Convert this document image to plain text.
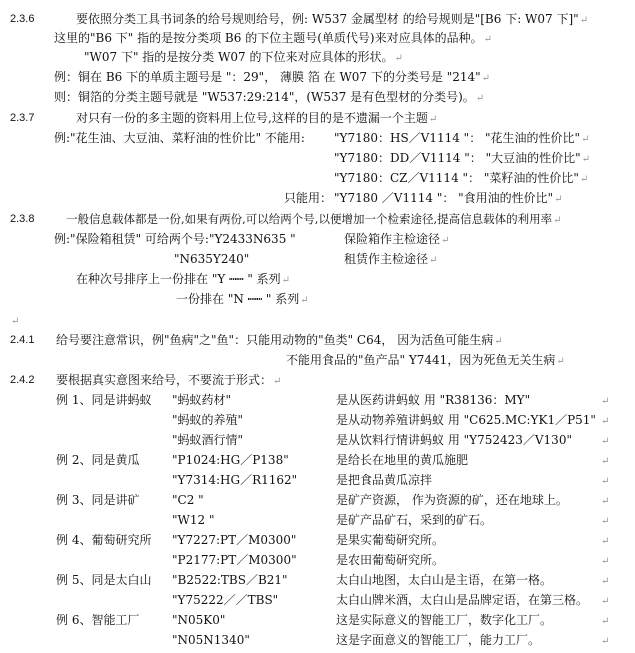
2.3.6	要依照分类工具书词条的给号规则给号，例: W537 金属型材 的给号规则是"[B6 下: W07 下]"↵
这里的"B6 下" 指的是按分类项 B6 的下位主题号(单质代号)来对应具体的品种。↵
"W07 下" 指的是按分类 W07 的下位来对应具体的形状。↵
例：铜在 B6 下的单质主题号是 "：29"， 薄膜 箔 在 W07 下的分类号是 "214"↵
则：铜箔的分类主题号就是 "W537:29:214"，(W537 是有色型材的分类号)。↵
2.3.7	对只有一份的多主题的资料用上位号,这样的目的是不遗漏一个主题↵
例:"花生油、大豆油、菜籽油的性价比" 不能用: "Y7180：HS／V1114 "： "花生油的性价比"↵
"Y7180：DD／V1114 "： "大豆油的性价比"↵
"Y7180：CZ／V1114 "： "菜籽油的性价比"↵
只能用： "Y7180 ／V1114 "： "食用油的性价比"↵
2.3.8	一般信息载体都是一份,如果有两份,可以给两个号,以便增加一个检索途径,提高信息载体的利用率↵
例:"保险箱租赁" 可给两个号:"Y2433N635 "	保险箱作主检途径↵
"N635Y240"	租赁作主检途径↵
在种次号排序上一份排在 "Y ┉┉ " 系列↵
一份排在 "N ┉┉ " 系列↵
↵
2.4.1 给号要注意常识，例"鱼病"之"鱼"：只能用动物的"鱼类" C64， 因为活鱼可能生病↵
不能用食品的"鱼产品" Y7441，因为死鱼无关生病↵
2.4.2 要根据真实意图来给号，不要流于形式：↵
例 1、同是讲蚂蚁 "蚂蚁药材"	是从医药讲蚂蚁 用 "R38136：MY"	↵
"蚂蚁的养殖"	是从动物养殖讲蚂蚁 用 "C625.MC:YK1／P51" ↵
"蚂蚁酒行情"	是从饮料行情讲蚂蚁 用 "Y752423／V130"	↵
例 2、同是黄瓜	"P1024:HG／P138"	是给长在地里的黄瓜施肥	↵
"Y7314:HG／R1162"	是把食品黄瓜凉拌	↵
例 3、同是讲矿	"C2 "	是矿产资源， 作为资源的矿，还在地球上。	↵
"W12 "	是矿产品矿石，采到的矿石。	↵
例 4、葡萄研究所 "Y7227:PT／M0300"	是果实葡萄研究所。	↵
"P2177:PT／M0300"	是农田葡萄研究所。	↵
例 5、同是太白山 "B2522:TBS／B21"	太白山地图，太白山是主语，在第一格。	↵
"Y75222／／TBS"	太白山牌米酒，太白山是品牌定语，在第三格。 ↵
例 6、智能工厂	"N05K0"	这是实际意义的智能工厂，数字化工厂。	↵
"N05N1340"	这是字面意义的智能工厂，能力工厂。	↵
